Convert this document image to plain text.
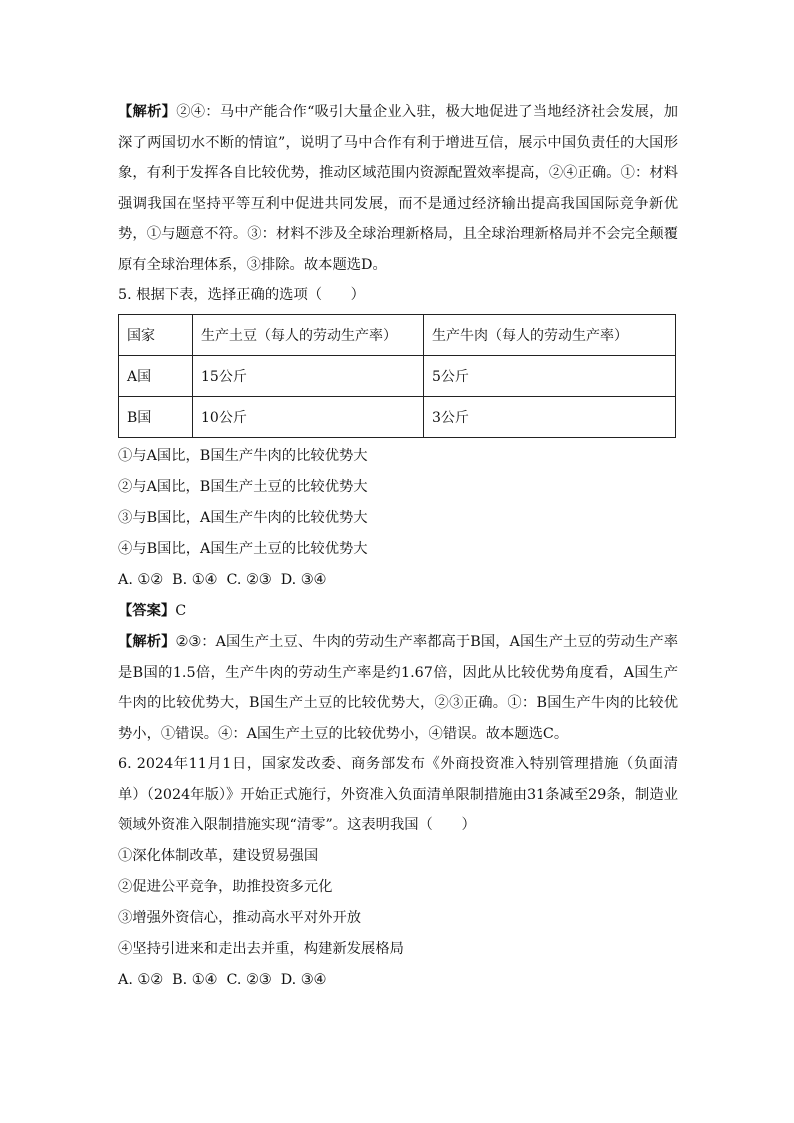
【解析】②④：马中产能合作“吸引大量企业入驻，极大地促进了当地经济社会发展，加深了两国切水不断的情谊”，说明了马中合作有利于增进互信，展示中国负责任的大国形象，有利于发挥各自比较优势，推动区域范围内资源配置效率提高，②④正确。①：材料强调我国在坚持平等互利中促进共同发展，而不是通过经济输出提高我国国际竞争新优势，①与题意不符。③：材料不涉及全球治理新格局，且全球治理新格局并不会完全颠覆原有全球治理体系，③排除。故本题选D。

5. 根据下表，选择正确的选项（　　）

国家	生产土豆（每人的劳动生产率）	生产牛肉（每人的劳动生产率）
A国	15公斤	5公斤
B国	10公斤	3公斤

①与A国比，B国生产牛肉的比较优势大

②与A国比，B国生产土豆的比较优势大

③与B国比，A国生产牛肉的比较优势大

④与B国比，A国生产土豆的比较优势大

A. ①②  B. ①④  C. ②③  D. ③④

【答案】C

【解析】②③：A国生产土豆、牛肉的劳动生产率都高于B国，A国生产土豆的劳动生产率是B国的1.5倍，生产牛肉的劳动生产率是约1.67倍，因此从比较优势角度看，A国生产牛肉的比较优势大，B国生产土豆的比较优势大，②③正确。①：B国生产牛肉的比较优势小，①错误。④：A国生产土豆的比较优势小，④错误。故本题选C。

6. 2024年11月1日，国家发改委、商务部发布《外商投资准入特别管理措施（负面清单）（2024年版）》开始正式施行，外资准入负面清单限制措施由31条减至29条，制造业领域外资准入限制措施实现“清零”。这表明我国（　　）

①深化体制改革，建设贸易强国

②促进公平竞争，助推投资多元化

③增强外资信心，推动高水平对外开放

④坚持引进来和走出去并重，构建新发展格局

A. ①②  B. ①④  C. ②③  D. ③④
